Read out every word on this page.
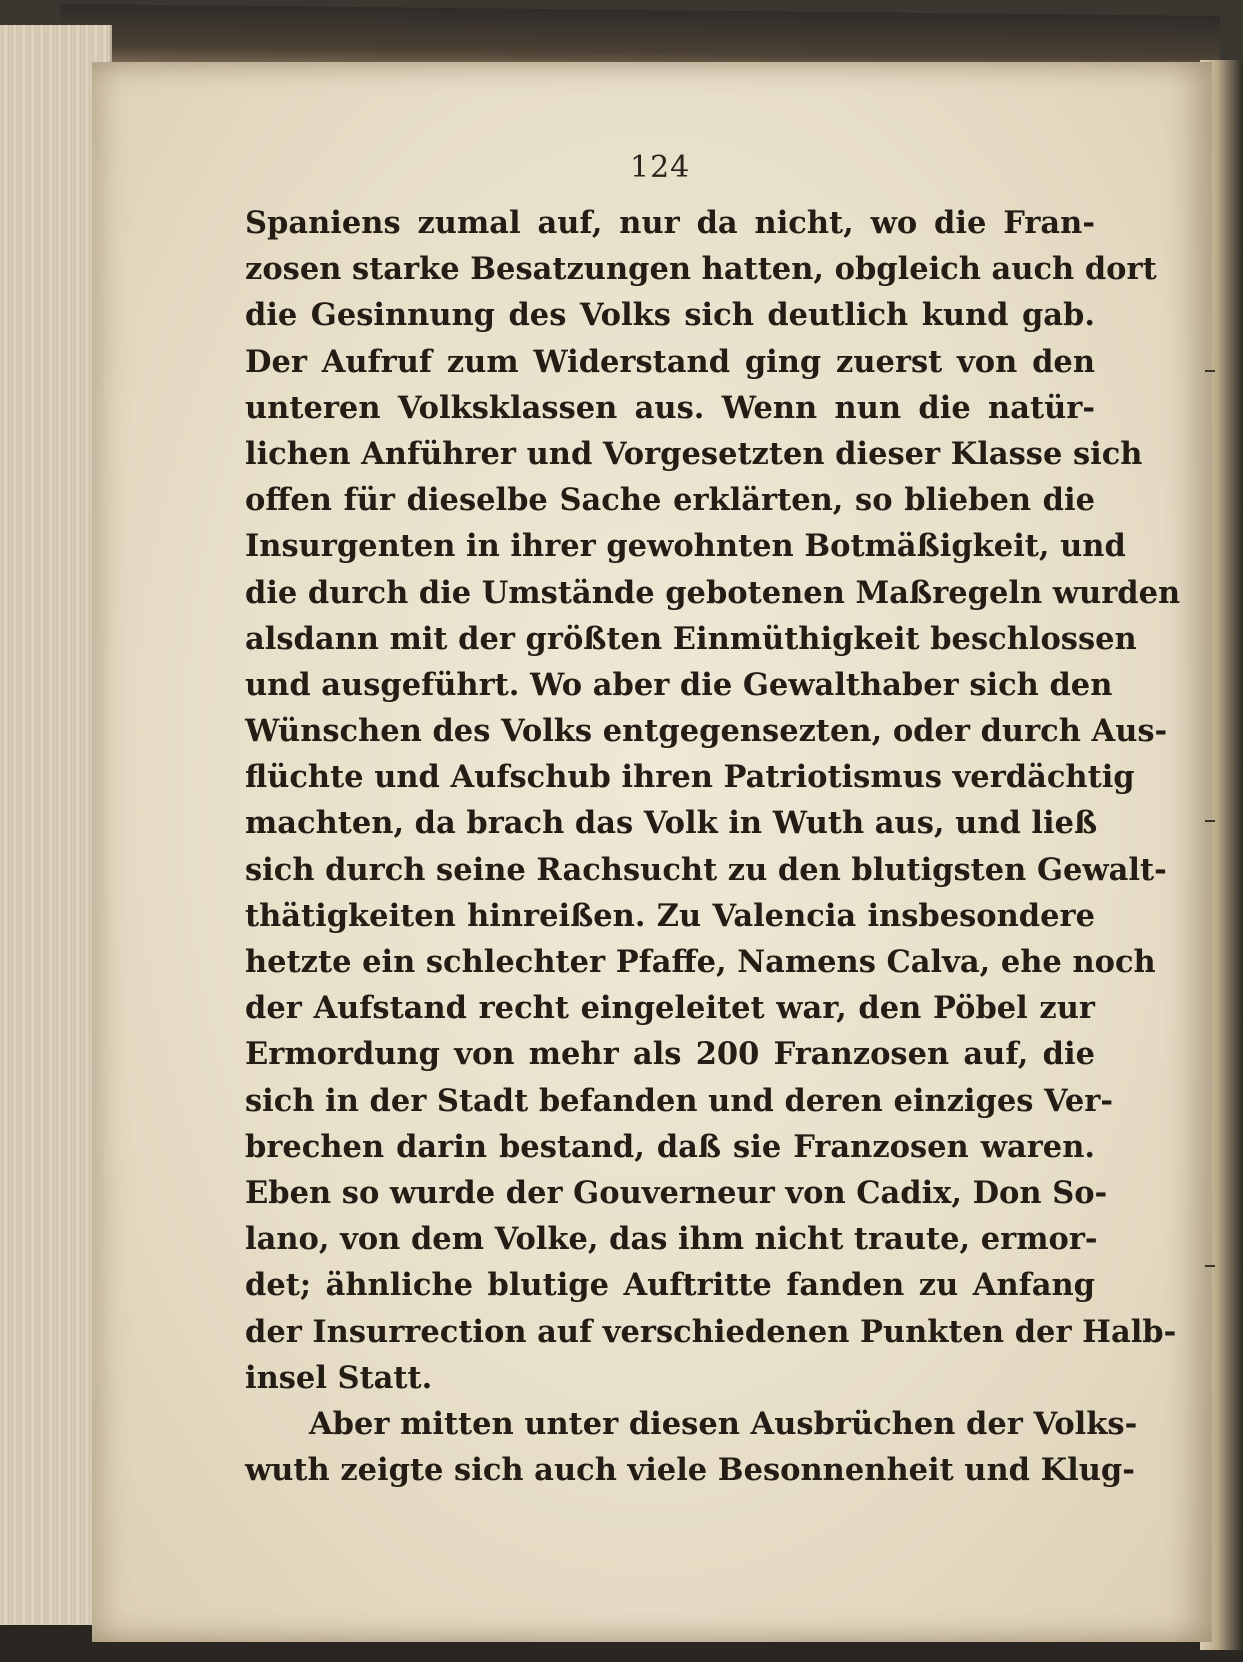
124
Spaniens zumal auf, nur da nicht, wo die Fran-
zosen starke Besatzungen hatten, obgleich auch dort
die Gesinnung des Volks sich deutlich kund gab.
Der Aufruf zum Widerstand ging zuerst von den
unteren Volksklassen aus. Wenn nun die natür-
lichen Anführer und Vorgesetzten dieser Klasse sich
offen für dieselbe Sache erklärten, so blieben die
Insurgenten in ihrer gewohnten Botmäßigkeit, und
die durch die Umstände gebotenen Maßregeln wurden
alsdann mit der größten Einmüthigkeit beschlossen
und ausgeführt. Wo aber die Gewalthaber sich den
Wünschen des Volks entgegensezten, oder durch Aus-
flüchte und Aufschub ihren Patriotismus verdächtig
machten, da brach das Volk in Wuth aus, und ließ
sich durch seine Rachsucht zu den blutigsten Gewalt-
thätigkeiten hinreißen. Zu Valencia insbesondere
hetzte ein schlechter Pfaffe, Namens Calva, ehe noch
der Aufstand recht eingeleitet war, den Pöbel zur
Ermordung von mehr als 200 Franzosen auf, die
sich in der Stadt befanden und deren einziges Ver-
brechen darin bestand, daß sie Franzosen waren.
Eben so wurde der Gouverneur von Cadix, Don So-
lano, von dem Volke, das ihm nicht traute, ermor-
det; ähnliche blutige Auftritte fanden zu Anfang
der Insurrection auf verschiedenen Punkten der Halb-
insel Statt.
Aber mitten unter diesen Ausbrüchen der Volks-
wuth zeigte sich auch viele Besonnenheit und Klug-
